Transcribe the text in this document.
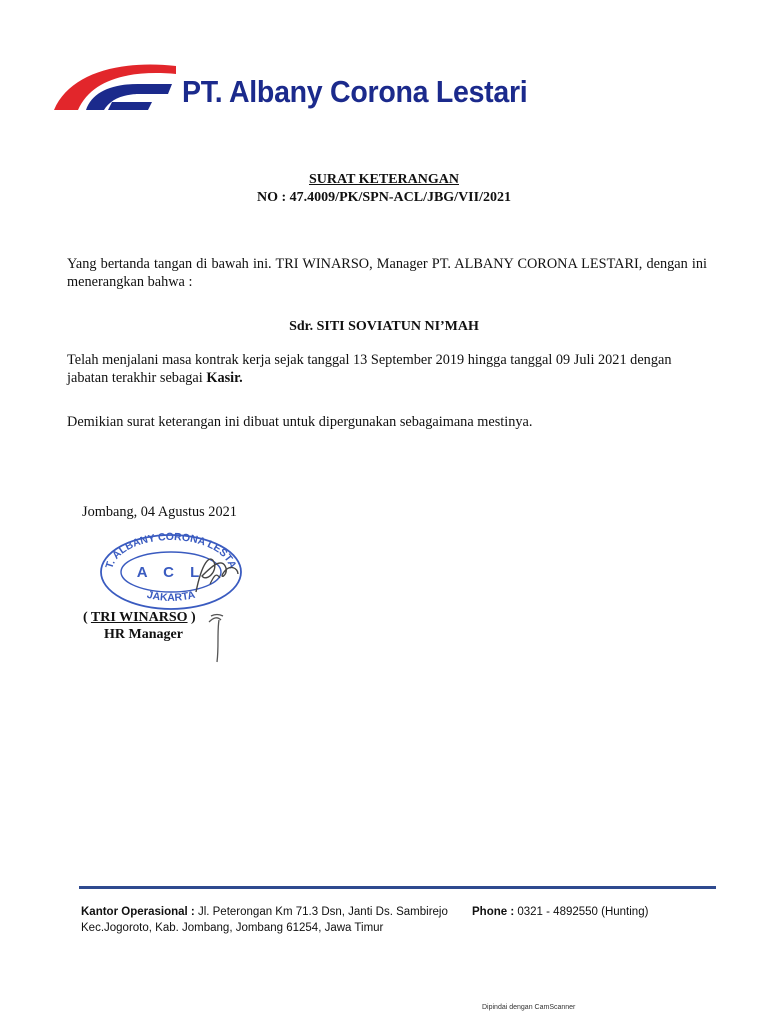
PT. Albany Corona Lestari
SURAT KETERANGAN
NO : 47.4009/PK/SPN-ACL/JBG/VII/2021
Yang bertanda tangan di bawah ini. TRI WINARSO, Manager PT. ALBANY CORONA LESTARI, dengan ini menerangkan bahwa :
Sdr. SITI SOVIATUN NI’MAH
Telah menjalani masa kontrak kerja sejak tanggal 13 September 2019 hingga tanggal 09 Juli 2021 dengan jabatan terakhir sebagai Kasir.
Demikian surat keterangan ini dibuat untuk dipergunakan sebagaimana mestinya.
Jombang, 04 Agustus 2021
T. ALBANY CORONA LESTA
JAKARTA
A C L
( TRI WINARSO )
HR Manager
Kantor Operasional : Jl. Peterongan Km 71.3 Dsn, Janti Ds. Sambirejo
Kec.Jogoroto, Kab. Jombang, Jombang 61254, Jawa Timur
Phone : 0321 - 4892550 (Hunting)
Dipindai dengan CamScanner
